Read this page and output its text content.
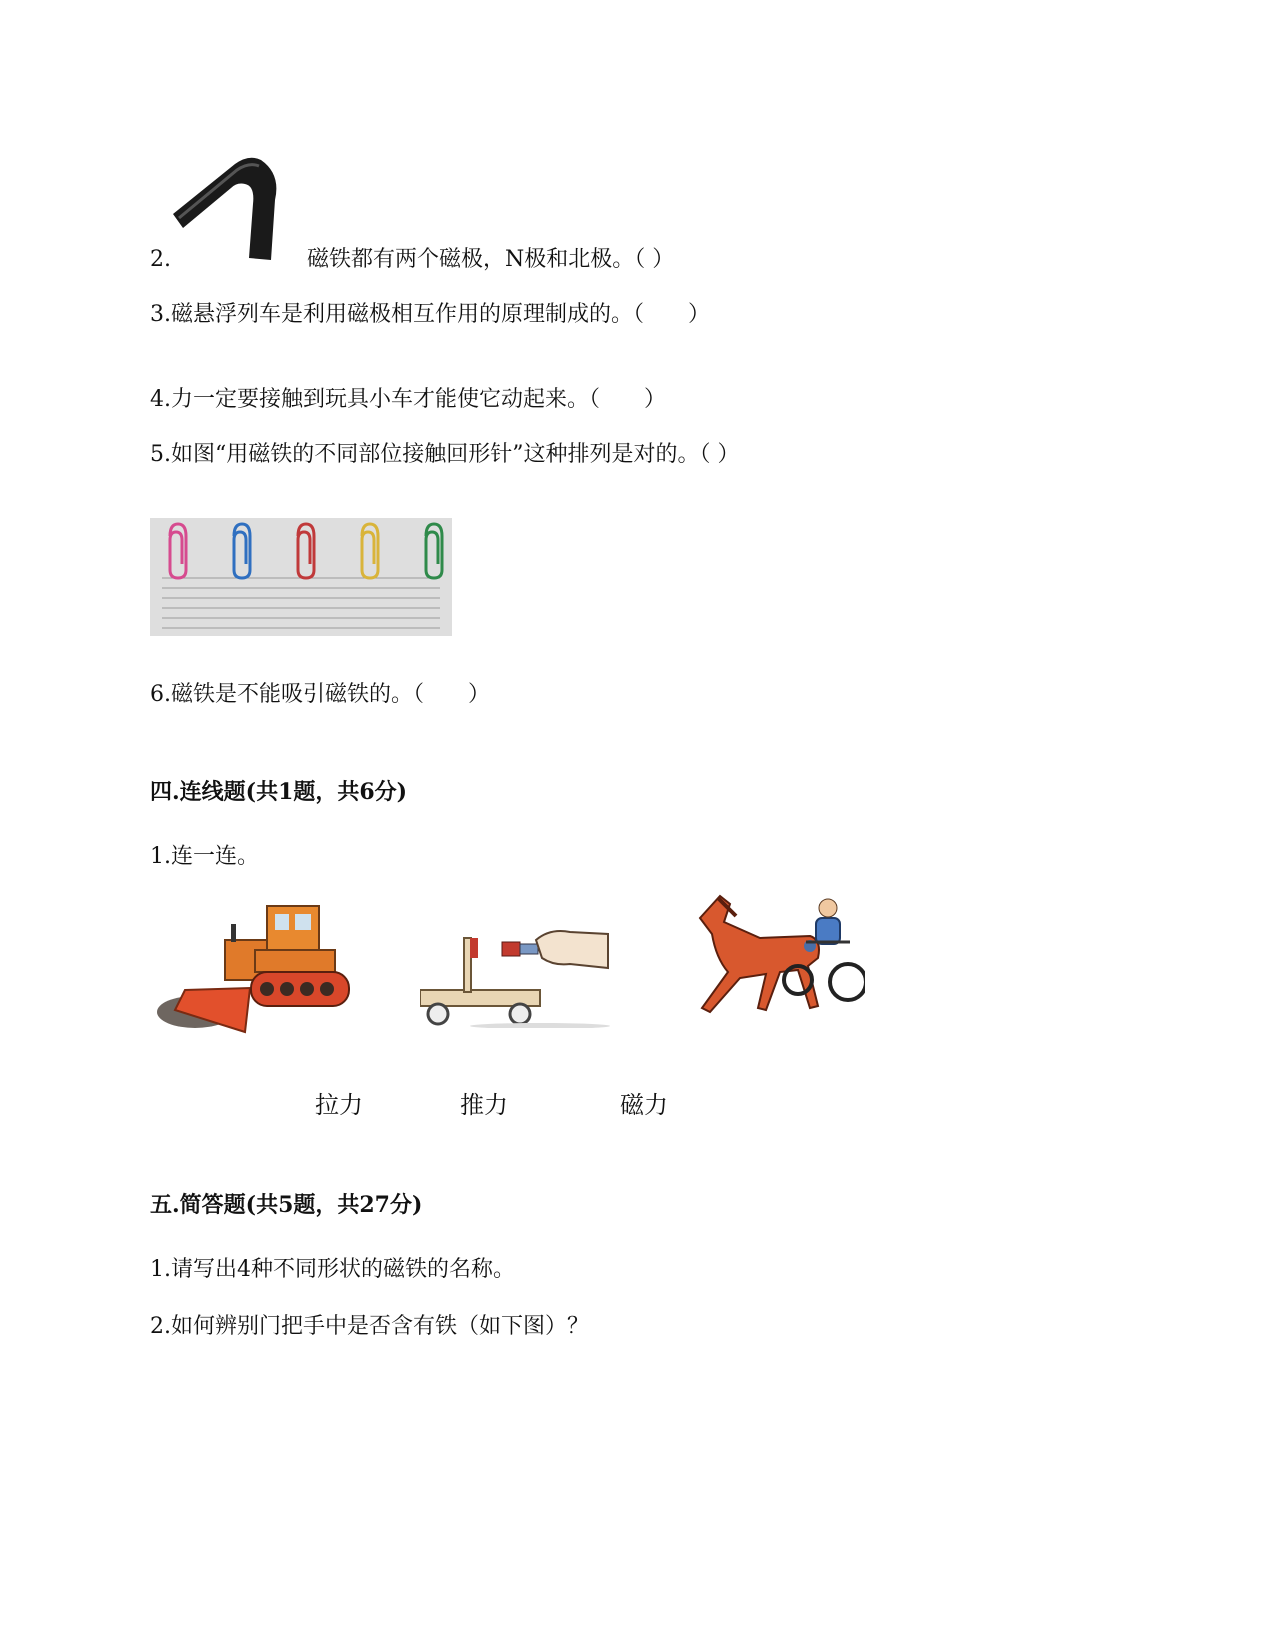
2.	磁铁都有两个磁极，N极和北极。（ ）
3.磁悬浮列车是利用磁极相互作用的原理制成的。（　　）
4.力一定要接触到玩具小车才能使它动起来。（　　）
5.如图“用磁铁的不同部位接触回形针”这种排列是对的。（ ）
6.磁铁是不能吸引磁铁的。（　　）
四.连线题(共1题，共6分)
1.连一连。
拉力	推力	磁力
五.简答题(共5题，共27分)
1.请写出4种不同形状的磁铁的名称。
2.如何辨别门把手中是否含有铁（如下图）？
